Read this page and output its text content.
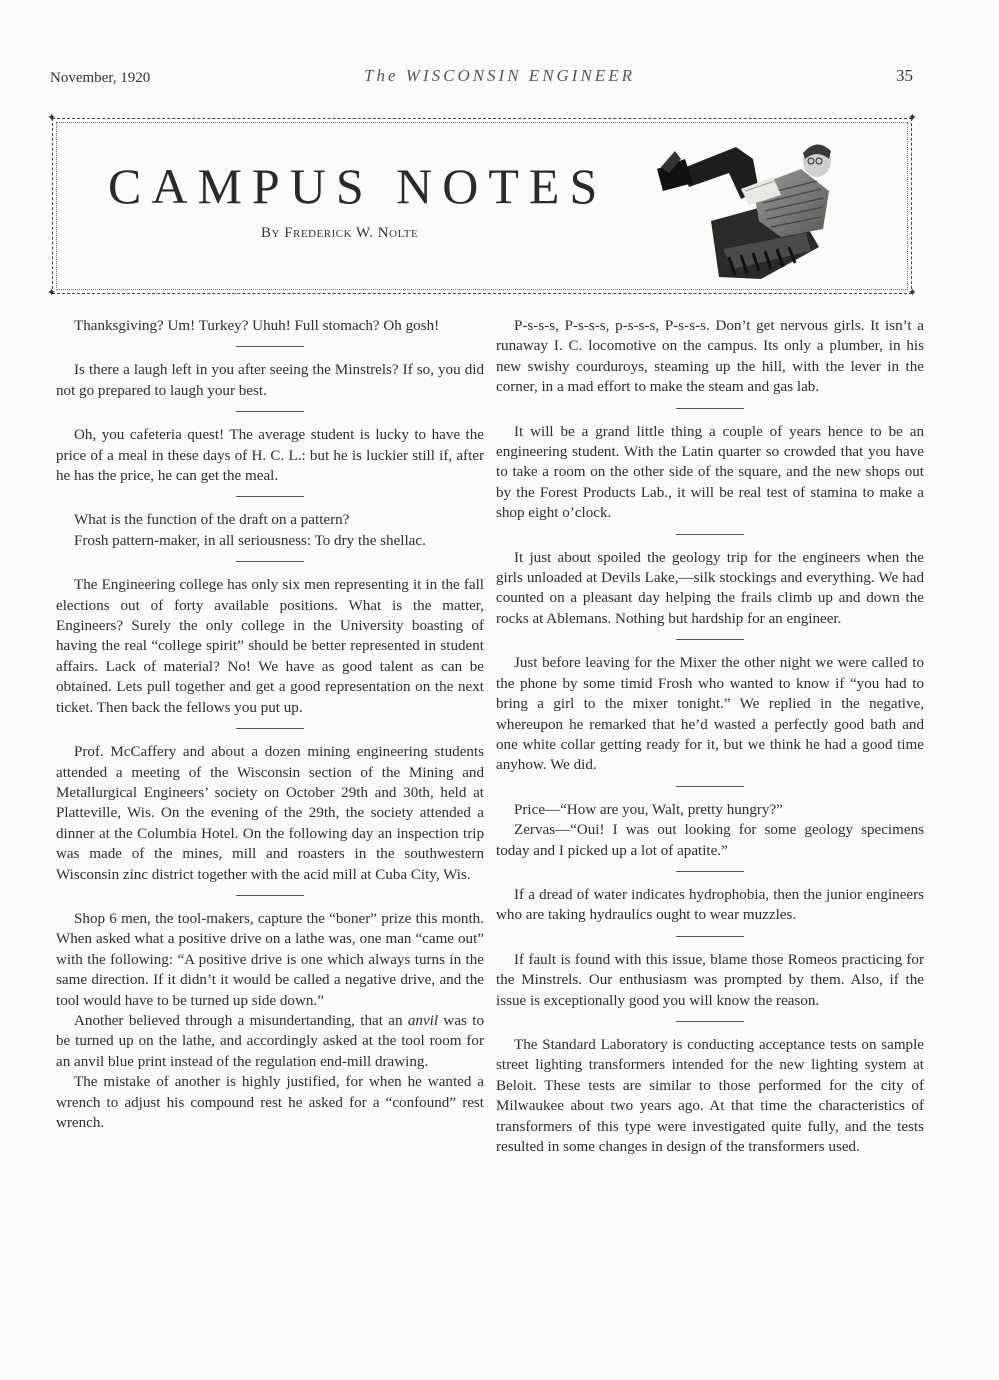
November, 1920	The WISCONSIN ENGINEER	35
✦	✦
✦	✦
CAMPUS NOTES
By Frederick W. Nolte

Thanksgiving? Um! Turkey? Uhuh! Full stomach? Oh gosh!

Is there a laugh left in you after seeing the Minstrels? If so, you did not go prepared to laugh your best.

Oh, you cafeteria quest! The average student is lucky to have the price of a meal in these days of H. C. L.: but he is luckier still if, after he has the price, he can get the meal.

What is the function of the draft on a pattern?

Frosh pattern-maker, in all seriousness: To dry the shellac.

The Engineering college has only six men representing it in the fall elections out of forty available positions. What is the matter, Engineers? Surely the only college in the University boasting of having the real “college spirit” should be better represented in student affairs. Lack of material? No! We have as good talent as can be obtained. Lets pull together and get a good representation on the next ticket. Then back the fellows you put up.

Prof. McCaffery and about a dozen mining engineering students attended a meeting of the Wisconsin section of the Mining and Metallurgical Engineers’ society on October 29th and 30th, held at Platteville, Wis. On the evening of the 29th, the society attended a dinner at the Columbia Hotel. On the following day an inspection trip was made of the mines, mill and roasters in the southwestern Wisconsin zinc district together with the acid mill at Cuba City, Wis.

Shop 6 men, the tool-makers, capture the “boner” prize this month. When asked what a positive drive on a lathe was, one man “came out” with the following: “A positive drive is one which always turns in the same direction. If it didn’t it would be called a negative drive, and the tool would have to be turned up side down.”

Another believed through a misundertanding, that an anvil was to be turned up on the lathe, and accordingly asked at the tool room for an anvil blue print instead of the regulation end-mill drawing.

The mistake of another is highly justified, for when he wanted a wrench to adjust his compound rest he asked for a “confound” rest wrench.

P-s-s-s, P-s-s-s, p-s-s-s, P-s-s-s. Don’t get nervous girls. It isn’t a runaway I. C. locomotive on the campus. Its only a plumber, in his new swishy courduroys, steaming up the hill, with the lever in the corner, in a mad effort to make the steam and gas lab.

It will be a grand little thing a couple of years hence to be an engineering student. With the Latin quarter so crowded that you have to take a room on the other side of the square, and the new shops out by the Forest Products Lab., it will be real test of stamina to make a shop eight o’clock.

It just about spoiled the geology trip for the engineers when the girls unloaded at Devils Lake,—silk stockings and everything. We had counted on a pleasant day helping the frails climb up and down the rocks at Ablemans. Nothing but hardship for an engineer.

Just before leaving for the Mixer the other night we were called to the phone by some timid Frosh who wanted to know if “you had to bring a girl to the mixer tonight.” We replied in the negative, whereupon he remarked that he’d wasted a perfectly good bath and one white collar getting ready for it, but we think he had a good time anyhow. We did.

Price—“How are you, Walt, pretty hungry?”

Zervas—“Oui! I was out looking for some geology specimens today and I picked up a lot of apatite.”

If a dread of water indicates hydrophobia, then the junior engineers who are taking hydraulics ought to wear muzzles.

If fault is found with this issue, blame those Romeos practicing for the Minstrels. Our enthusiasm was prompted by them. Also, if the issue is exceptionally good you will know the reason.

The Standard Laboratory is conducting acceptance tests on sample street lighting transformers intended for the new lighting system at Beloit. These tests are similar to those performed for the city of Milwaukee about two years ago. At that time the characteristics of transformers of this type were investigated quite fully, and the tests resulted in some changes in design of the transformers used.
